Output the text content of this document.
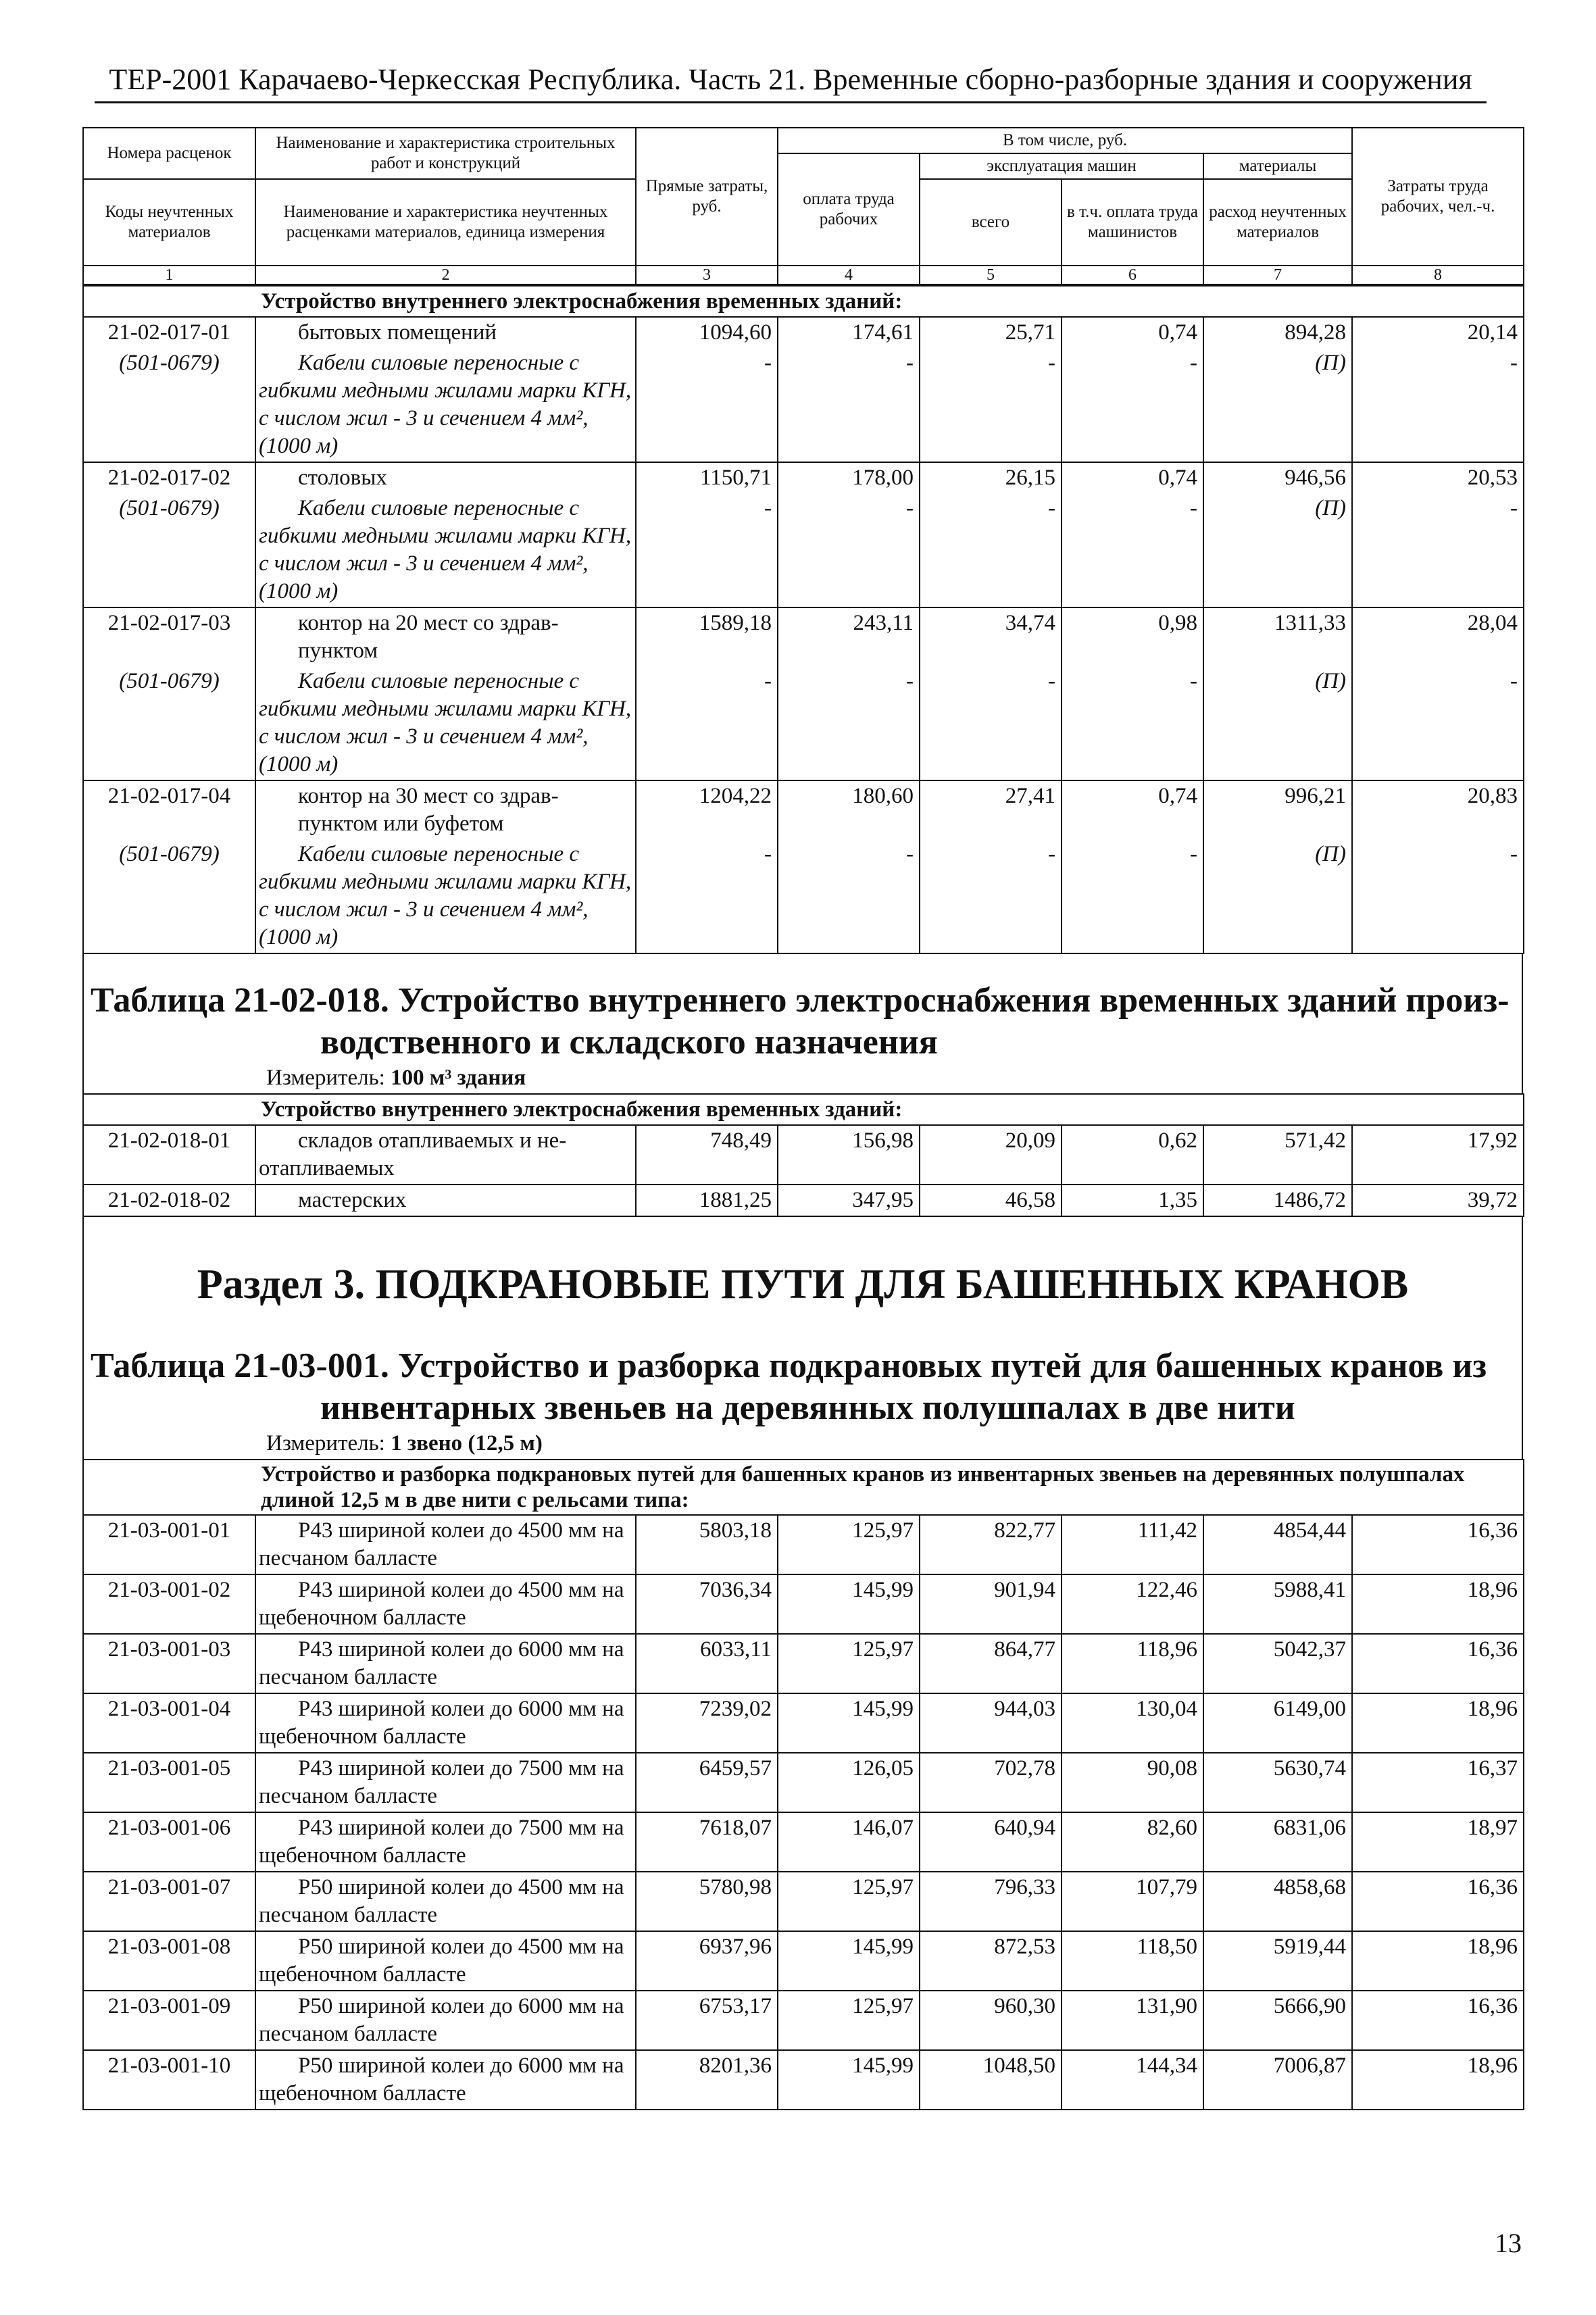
ТЕР-2001 Карачаево-Черкесская Республика. Часть 21. Временные сборно-разборные здания и сооружения
Номера расценок	Наименование и характеристика строительных работ и конструкций	Прямые затраты, руб.	В том числе, руб.				Затраты труда рабочих, чел.-ч.
			оплата труда рабочих	эксплуатация машин		материалы	
Коды неучтенных материалов	Наименование и характеристика неучтенных расценками материалов, единица измерения			всего	в т.ч. оплата труда машинистов	расход неучтенных материалов	

1	2	3	4	5	6	7	8
	Устройство внутреннего электроснабжения временных зданий:						
21-02-017-01	бытовых помещений	1094,60	174,61	25,71	0,74	894,28	20,14
(501-0679)	Кабели силовые переносные с гибкими медными жилами марки КГН, с числом жил - 3 и сечением 4 мм², (1000 м)	-	-	-	-	(П)	-
21-02-017-02	столовых	1150,71	178,00	26,15	0,74	946,56	20,53
(501-0679)	Кабели силовые переносные с гибкими медными жилами марки КГН, с числом жил - 3 и сечением 4 мм², (1000 м)	-	-	-	-	(П)	-
21-02-017-03	контор на 20 мест со здрав-пунктом	1589,18	243,11	34,74	0,98	1311,33	28,04
(501-0679)	Кабели силовые переносные с гибкими медными жилами марки КГН, с числом жил - 3 и сечением 4 мм², (1000 м)	-	-	-	-	(П)	-
21-02-017-04	контор на 30 мест со здрав-пунктом или буфетом	1204,22	180,60	27,41	0,74	996,21	20,83
(501-0679)	Кабели силовые переносные с гибкими медными жилами марки КГН, с числом жил - 3 и сечением 4 мм², (1000 м)	-	-	-	-	(П)	-
Таблица 21-02-018. Устройство внутреннего электроснабжения временных зданий произ-
водственного и складского назначения
Измеритель: 100 м³ здания
	Устройство внутреннего электроснабжения временных зданий:						
21-02-018-01	складов отапливаемых и не-отапливаемых	748,49	156,98	20,09	0,62	571,42	17,92
21-02-018-02	мастерских	1881,25	347,95	46,58	1,35	1486,72	39,72
Раздел 3. ПОДКРАНОВЫЕ ПУТИ ДЛЯ БАШЕННЫХ КРАНОВ
Таблица 21-03-001. Устройство и разборка подкрановых путей для башенных кранов из
инвентарных звеньев на деревянных полушпалах в две нити
Измеритель: 1 звено (12,5 м)
	Устройство и разборка подкрановых путей для башенных кранов из инвентарных звеньев на деревянных полушпалах длиной 12,5 м в две нити с рельсами типа:						
21-03-001-01	Р43 шириной колеи до 4500 мм на песчаном балласте	5803,18	125,97	822,77	111,42	4854,44	16,36
21-03-001-02	Р43 шириной колеи до 4500 мм на щебеночном балласте	7036,34	145,99	901,94	122,46	5988,41	18,96
21-03-001-03	Р43 шириной колеи до 6000 мм на песчаном балласте	6033,11	125,97	864,77	118,96	5042,37	16,36
21-03-001-04	Р43 шириной колеи до 6000 мм на щебеночном балласте	7239,02	145,99	944,03	130,04	6149,00	18,96
21-03-001-05	Р43 шириной колеи до 7500 мм на песчаном балласте	6459,57	126,05	702,78	90,08	5630,74	16,37
21-03-001-06	Р43 шириной колеи до 7500 мм на щебеночном балласте	7618,07	146,07	640,94	82,60	6831,06	18,97
21-03-001-07	Р50 шириной колеи до 4500 мм на песчаном балласте	5780,98	125,97	796,33	107,79	4858,68	16,36
21-03-001-08	Р50 шириной колеи до 4500 мм на щебеночном балласте	6937,96	145,99	872,53	118,50	5919,44	18,96
21-03-001-09	Р50 шириной колеи до 6000 мм на песчаном балласте	6753,17	125,97	960,30	131,90	5666,90	16,36
21-03-001-10	Р50 шириной колеи до 6000 мм на щебеночном балласте	8201,36	145,99	1048,50	144,34	7006,87	18,96
13
